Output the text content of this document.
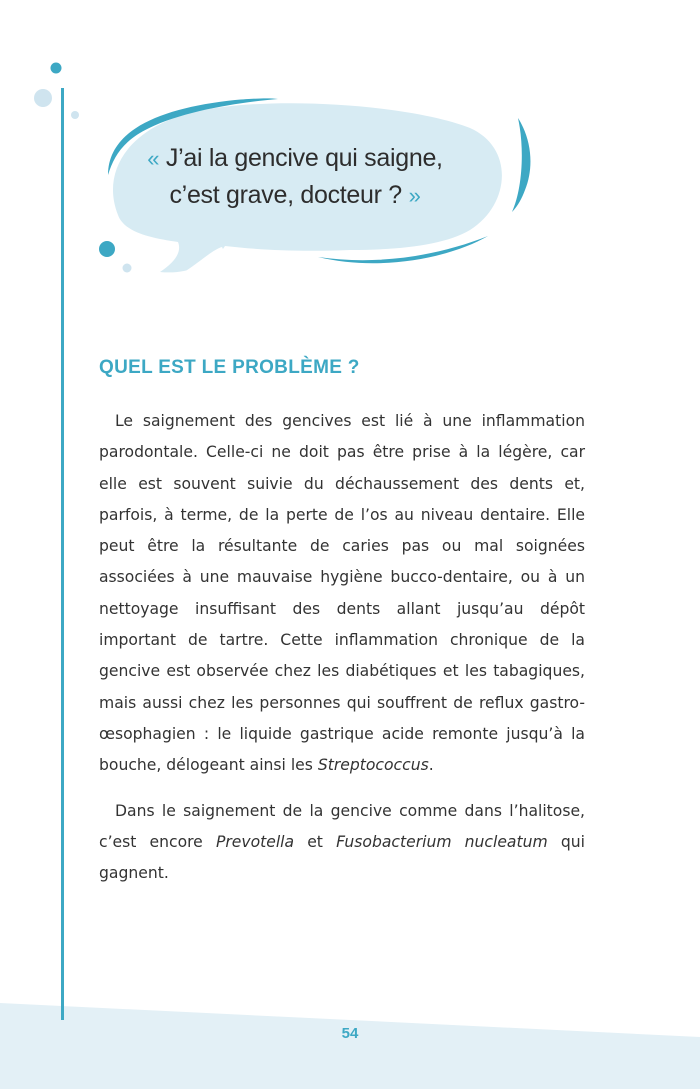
« J’ai la gencive qui saigne,
c’est grave, docteur ? »
QUEL EST LE PROBLÈME ?

Le saignement des gencives est lié à une inflammation parodontale. Celle-ci ne doit pas être prise à la légère, car elle est souvent suivie du déchaussement des dents et, parfois, à terme, de la perte de l’os au niveau dentaire. Elle peut être la résultante de caries pas ou mal soignées associées à une mauvaise hygiène bucco-dentaire, ou à un nettoyage insuffisant des dents allant jusqu’au dépôt important de tartre. Cette inflammation chronique de la gencive est observée chez les diabétiques et les tabagiques, mais aussi chez les personnes qui souffrent de reflux gastro-œsophagien : le liquide gastrique acide remonte jusqu’à la bouche, délogeant ainsi les Streptococcus.

Dans le saignement de la gencive comme dans l’halitose, c’est encore Prevotella et Fusobacterium nucleatum qui gagnent.

54
